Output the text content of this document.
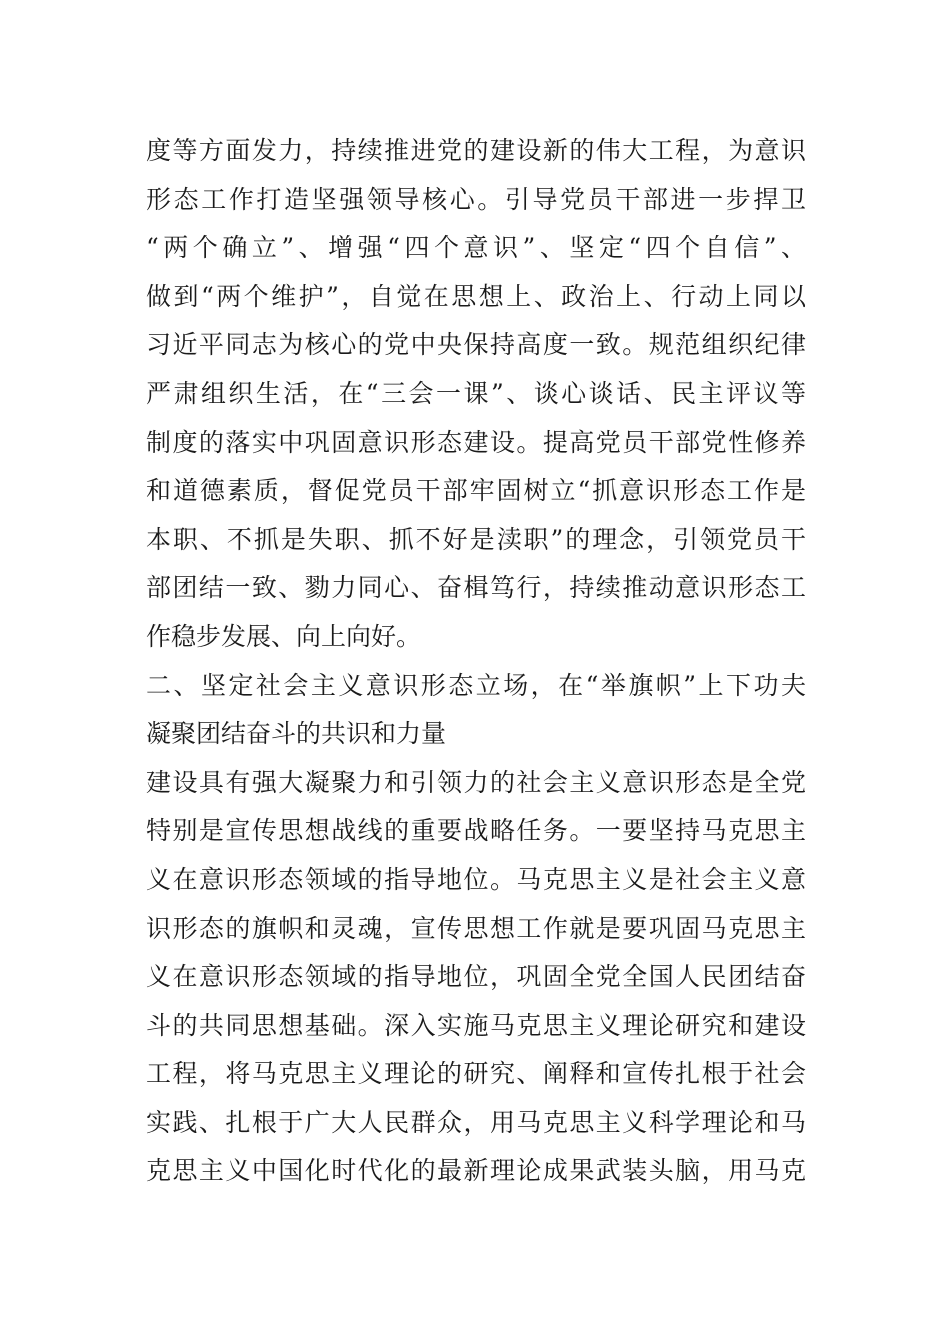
度等方面发力，持续推进党的建设新的伟大工程，为意识
形态工作打造坚强领导核心。引导党员干部进一步捍卫
“两个确立”、增强“四个意识”、坚定“四个自信”、
做到“两个维护”，自觉在思想上、政治上、行动上同以
习近平同志为核心的党中央保持高度一致。规范组织纪律
严肃组织生活，在“三会一课”、谈心谈话、民主评议等
制度的落实中巩固意识形态建设。提高党员干部党性修养
和道德素质，督促党员干部牢固树立“抓意识形态工作是
本职、不抓是失职、抓不好是渎职”的理念，引领党员干
部团结一致、勠力同心、奋楫笃行，持续推动意识形态工
作稳步发展、向上向好。
二、坚定社会主义意识形态立场，在“举旗帜”上下功夫
凝聚团结奋斗的共识和力量
建设具有强大凝聚力和引领力的社会主义意识形态是全党
特别是宣传思想战线的重要战略任务。一要坚持马克思主
义在意识形态领域的指导地位。马克思主义是社会主义意
识形态的旗帜和灵魂，宣传思想工作就是要巩固马克思主
义在意识形态领域的指导地位，巩固全党全国人民团结奋
斗的共同思想基础。深入实施马克思主义理论研究和建设
工程，将马克思主义理论的研究、阐释和宣传扎根于社会
实践、扎根于广大人民群众，用马克思主义科学理论和马
克思主义中国化时代化的最新理论成果武装头脑，用马克
